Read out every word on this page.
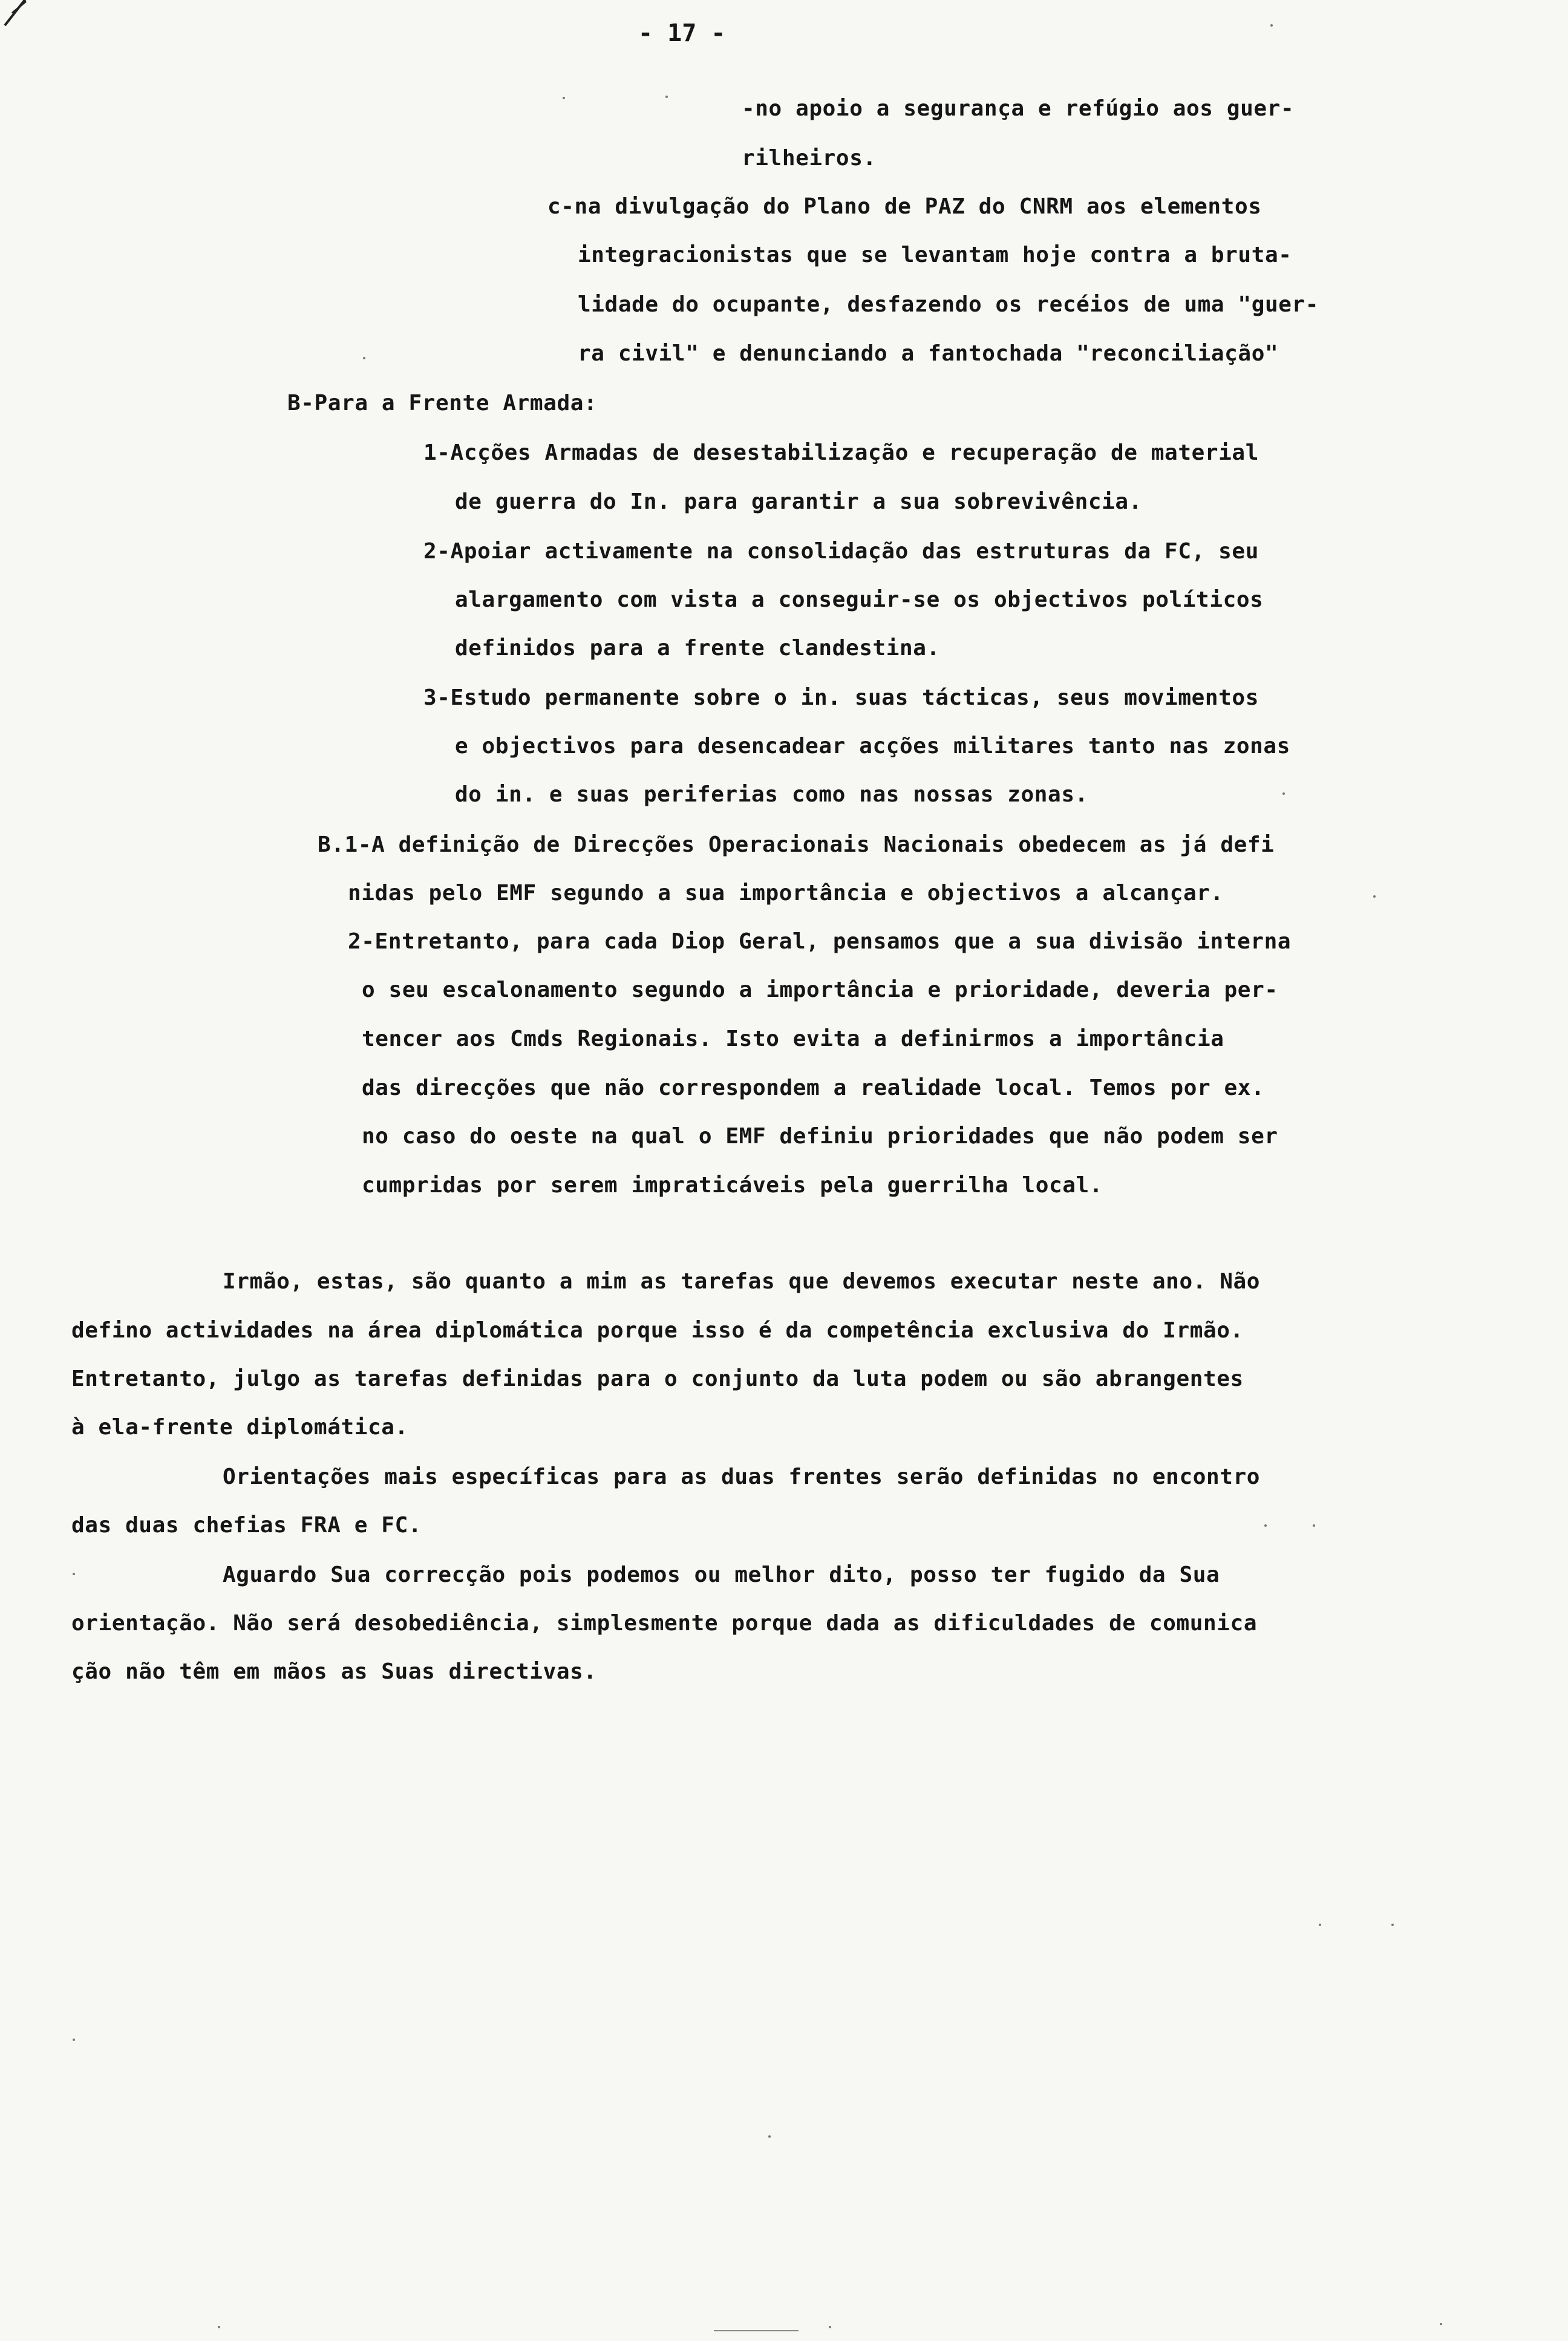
- 17 -
-no apoio a segurança e refúgio aos guer-
rilheiros.
c-na divulgação do Plano de PAZ do CNRM aos elementos
integracionistas que se levantam hoje contra a bruta-
lidade do ocupante, desfazendo os recéios de uma "guer-
ra civil" e denunciando a fantochada "reconciliação"
B-Para a Frente Armada:
1-Acções Armadas de desestabilização e recuperação de material
de guerra do In. para garantir a sua sobrevivência.
2-Apoiar activamente na consolidação das estruturas da FC, seu
alargamento com vista a conseguir-se os objectivos políticos
definidos para a frente clandestina.
3-Estudo permanente sobre o in. suas tácticas, seus movimentos
e objectivos para desencadear acções militares tanto nas zonas
do in. e suas periferias como nas nossas zonas.
B.1-A definição de Direcções Operacionais Nacionais obedecem as já defi
nidas pelo EMF segundo a sua importância e objectivos a alcançar.
2-Entretanto, para cada Diop Geral, pensamos que a sua divisão interna
o seu escalonamento segundo a importância e prioridade, deveria per-
tencer aos Cmds Regionais. Isto evita a definirmos a importância
das direcções que não correspondem a realidade local. Temos por ex.
no caso do oeste na qual o EMF definiu prioridades que não podem ser
cumpridas por serem impraticáveis pela guerrilha local.
Irmão, estas, são quanto a mim as tarefas que devemos executar neste ano. Não
defino actividades na área diplomática porque isso é da competência exclusiva do Irmão.
Entretanto, julgo as tarefas definidas para o conjunto da luta podem ou são abrangentes
à ela-frente diplomática.
Orientações mais específicas para as duas frentes serão definidas no encontro
das duas chefias FRA e FC.
Aguardo Sua correcção pois podemos ou melhor dito, posso ter fugido da Sua
orientação. Não será desobediência, simplesmente porque dada as dificuldades de comunica
ção não têm em mãos as Suas directivas.
